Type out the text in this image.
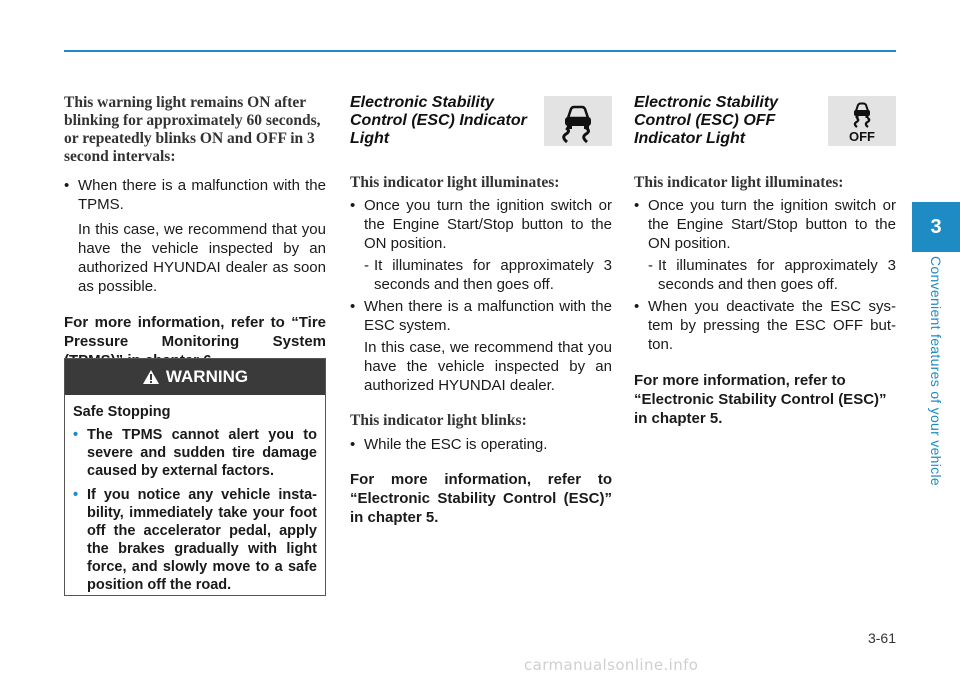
This warning light remains ON after blinking for approximately 60 seconds, or repeatedly blinks ON and OFF in 3 second intervals:
• When there is a malfunction with the TPMS.

In this case, we recommend that you have the vehicle inspected by an authorized HYUNDAI dealer as soon as possible.

For more information, refer to “Tire Pressure Monitoring System

WARNING

Safe Stopping

• The TPMS cannot alert you to severe and sudden tire damage caused by external factors.
• If you notice any vehicle insta-bility, immediately take your foot off the accelerator pedal, apply the brakes gradually with light force, and slowly move to a safe position off the road.
Electronic Stability Control (ESC) Indicator Light
This indicator light illuminates:
• Once you turn the ignition switch or the Engine Start/Stop button to the ON position.

- It illuminates for approximately 3 seconds and then goes off.

• When there is a malfunction with the ESC system.

In this case, we recommend that you have the vehicle inspected by an authorized HYUNDAI dealer.

This indicator light blinks:
• While the ESC is operating.

For more information, refer to “Electronic Stability Control (ESC)” in chapter 5.

Electronic Stability Control (ESC) OFF Indicator Light	OFF
This indicator light illuminates:
• Once you turn the ignition switch or the Engine Start/Stop button to the ON position.

- It illuminates for approximately 3 seconds and then goes off.

• When you deactivate the ESC sys-tem by pressing the ESC OFF but-ton.

For more information, refer to “Electronic Stability Control (ESC)” in chapter 5.

3
Convenient features of your vehicle
3-61
carmanualsonline.info
